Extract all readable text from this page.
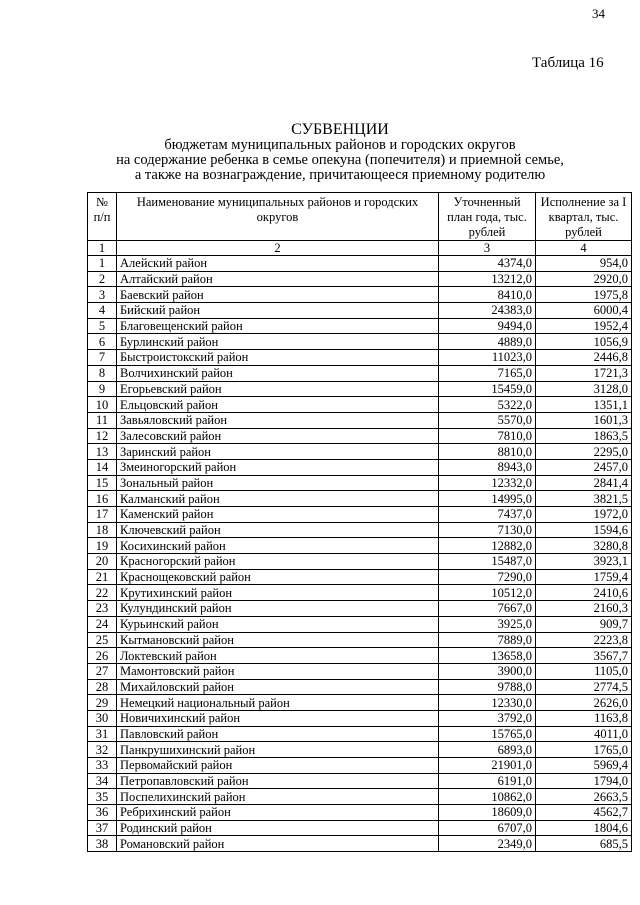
34
Таблица 16
СУБВЕНЦИИ
бюджетам муниципальных районов и городских округов
на содержание ребенка в семье опекуна (попечителя) и приемной семье,
а также на вознаграждение, причитающееся приемному родителю
№ п/п	Наименование муниципальных районов и городских округов	Уточненный план года, тыс. рублей	Исполнение за I квартал, тыс. рублей
1	2	3	4
1	Алейский район	4374,0	954,0
2	Алтайский район	13212,0	2920,0
3	Баевский район	8410,0	1975,8
4	Бийский район	24383,0	6000,4
5	Благовещенский район	9494,0	1952,4
6	Бурлинский район	4889,0	1056,9
7	Быстроистокский район	11023,0	2446,8
8	Волчихинский район	7165,0	1721,3
9	Егорьевский район	15459,0	3128,0
10	Ельцовский район	5322,0	1351,1
11	Завьяловский район	5570,0	1601,3
12	Залесовский район	7810,0	1863,5
13	Заринский район	8810,0	2295,0
14	Змеиногорский район	8943,0	2457,0
15	Зональный район	12332,0	2841,4
16	Калманский район	14995,0	3821,5
17	Каменский район	7437,0	1972,0
18	Ключевский район	7130,0	1594,6
19	Косихинский район	12882,0	3280,8
20	Красногорский район	15487,0	3923,1
21	Краснощековский район	7290,0	1759,4
22	Крутихинский район	10512,0	2410,6
23	Кулундинский район	7667,0	2160,3
24	Курьинский район	3925,0	909,7
25	Кытмановский район	7889,0	2223,8
26	Локтевский район	13658,0	3567,7
27	Мамонтовский район	3900,0	1105,0
28	Михайловский район	9788,0	2774,5
29	Немецкий национальный район	12330,0	2626,0
30	Новичихинский район	3792,0	1163,8
31	Павловский район	15765,0	4011,0
32	Панкрушихинский район	6893,0	1765,0
33	Первомайский район	21901,0	5969,4
34	Петропавловский район	6191,0	1794,0
35	Поспелихинский район	10862,0	2663,5
36	Ребрихинский район	18609,0	4562,7
37	Родинский район	6707,0	1804,6
38	Романовский район	2349,0	685,5
